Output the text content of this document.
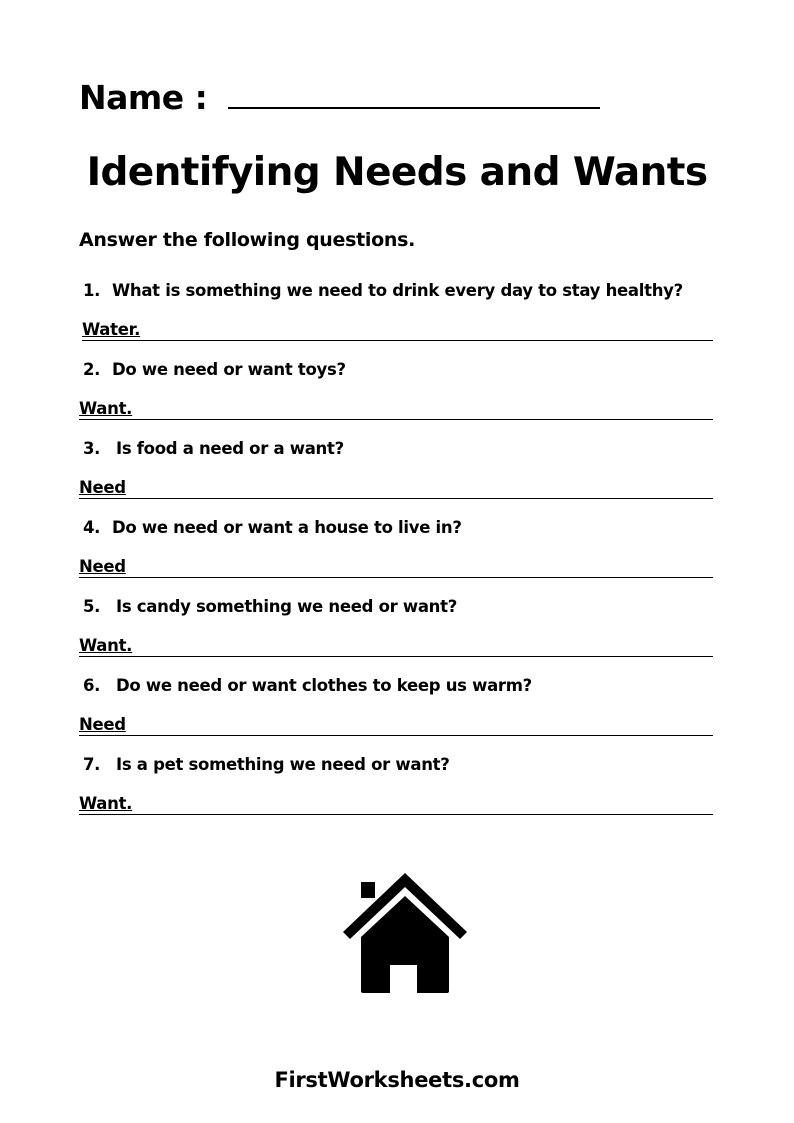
Name :
Identifying Needs and Wants
Answer the following questions.
1. What is something we need to drink every day to stay healthy?
Water.
2. Do we need or want toys?
Want.
3. Is food a need or a want?
Need
4. Do we need or want a house to live in?
Need
5. Is candy something we need or want?
Want.
6. Do we need or want clothes to keep us warm?
Need
7. Is a pet something we need or want?
Want.
FirstWorksheets.com
